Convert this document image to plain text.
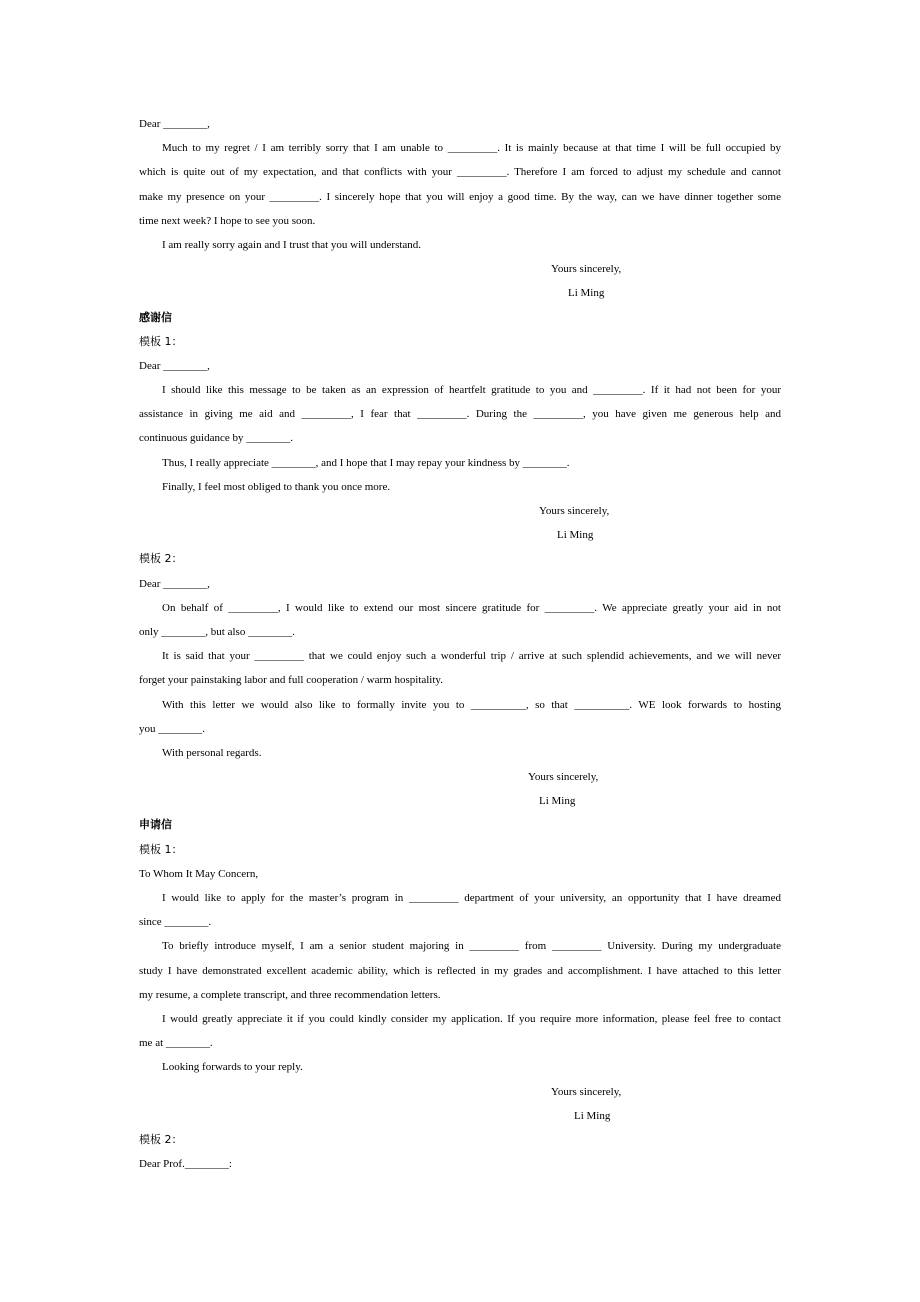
Dear ________,
Much to my regret / I am terribly sorry that I am unable to _________. It is mainly because at that time I will be full occupied by
which is quite out of my expectation, and that conflicts with your _________. Therefore I am forced to adjust my schedule and cannot
make my presence on your _________. I sincerely hope that you will enjoy a good time. By the way, can we have dinner together some
time next week? I hope to see you soon.
I am really sorry again and I trust that you will understand.
Yours sincerely,
Li Ming
感谢信
模板 1：
Dear ________,
I should like this message to be taken as an expression of heartfelt gratitude to you and _________. If it had not been for your
assistance in giving me aid and _________, I fear that _________. During the _________, you have given me generous help and
continuous guidance by ________.
Thus, I really appreciate ________, and I hope that I may repay your kindness by ________.
Finally, I feel most obliged to thank you once more.
Yours sincerely,
Li Ming
模板 2：
Dear ________,
On behalf of _________, I would like to extend our most sincere gratitude for _________. We appreciate greatly your aid in not
only ________, but also ________.
It is said that your _________ that we could enjoy such a wonderful trip / arrive at such splendid achievements, and we will never
forget your painstaking labor and full cooperation / warm hospitality.
With this letter we would also like to formally invite you to __________, so that __________. WE look forwards to hosting
you ________.
With personal regards.
Yours sincerely,
Li Ming
申请信
模板 1：
To Whom It May Concern,
I would like to apply for the master’s program in _________ department of your university, an opportunity that I have dreamed
since ________.
To briefly introduce myself, I am a senior student majoring in _________ from _________ University. During my undergraduate
study I have demonstrated excellent academic ability, which is reflected in my grades and accomplishment. I have attached to this letter
my resume, a complete transcript, and three recommendation letters.
I would greatly appreciate it if you could kindly consider my application. If you require more information, please feel free to contact
me at ________.
Looking forwards to your reply.
Yours sincerely,
Li Ming
模板 2：
Dear Prof.________:
